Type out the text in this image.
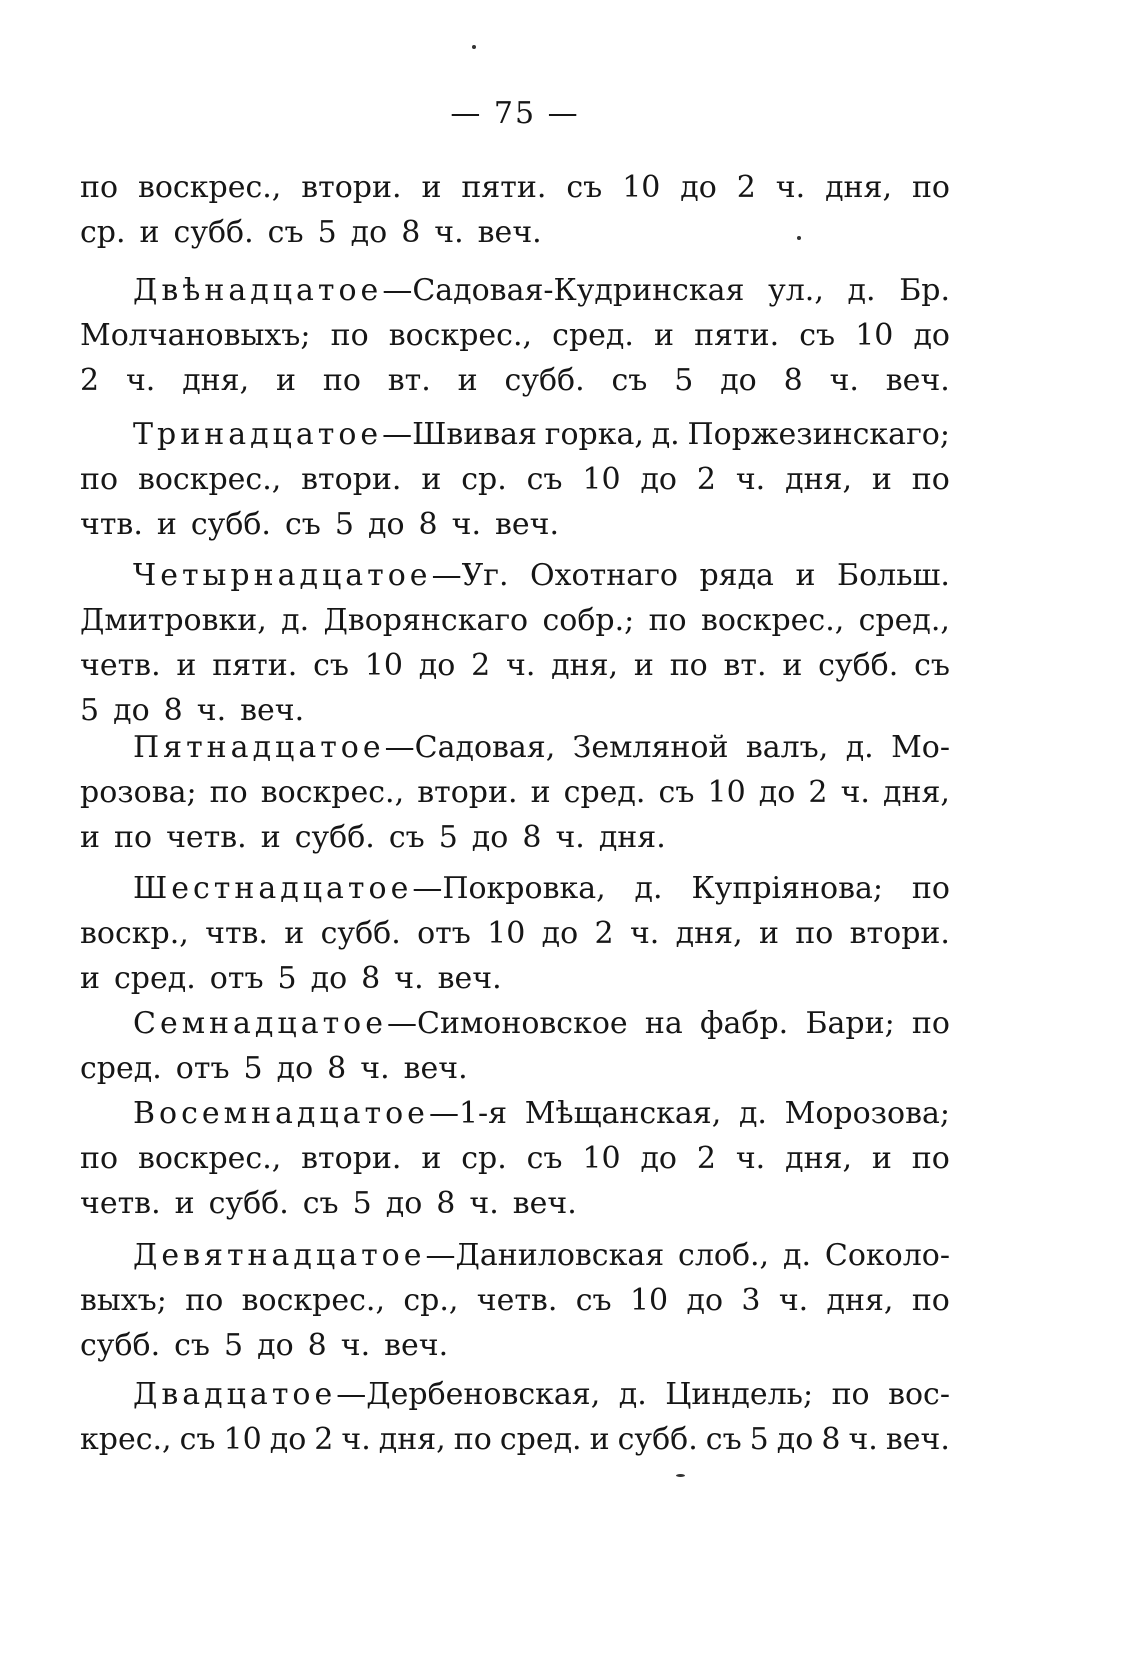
— 75 —
по воскрес., втори. и пяти. съ 10 до 2 ч. дня, по
ср. и субб. съ 5 до 8 ч. веч.
Двѣнадцатое—Садовая-Кудринская ул., д. Бр.
Молчановыхъ; по воскрес., сред. и пяти. съ 10 до
2 ч. дня, и по вт. и субб. съ 5 до 8 ч. веч.
Тринадцатое—Швивая горка, д. Поржезинскаго;
по воскрес., втори. и ср. съ 10 до 2 ч. дня, и по
чтв. и субб. съ 5 до 8 ч. веч.
Четырнадцатое—Уг. Охотнаго ряда и Больш.
Дмитровки, д. Дворянскаго собр.; по воскрес., сред.,
четв. и пяти. съ 10 до 2 ч. дня, и по вт. и субб. съ
5 до 8 ч. веч.
Пятнадцатое—Садовая, Земляной валъ, д. Мо-
розова; по воскрес., втори. и сред. съ 10 до 2 ч. дня,
и по четв. и субб. съ 5 до 8 ч. дня.
Шестнадцатое—Покровка, д. Купріянова; по
воскр., чтв. и субб. отъ 10 до 2 ч. дня, и по втори.
и сред. отъ 5 до 8 ч. веч.
Семнадцатое—Симоновское на фабр. Бари; по
сред. отъ 5 до 8 ч. веч.
Восемнадцатое—1-я Мѣщанская, д. Морозова;
по воскрес., втори. и ср. съ 10 до 2 ч. дня, и по
четв. и субб. съ 5 до 8 ч. веч.
Девятнадцатое—Даниловская слоб., д. Соколо-
выхъ; по воскрес., ср., четв. съ 10 до 3 ч. дня, по
субб. съ 5 до 8 ч. веч.
Двадцатое—Дербеновская, д. Циндель; по вос-
крес., съ 10 до 2 ч. дня, по сред. и субб. съ 5 до 8 ч. веч.
